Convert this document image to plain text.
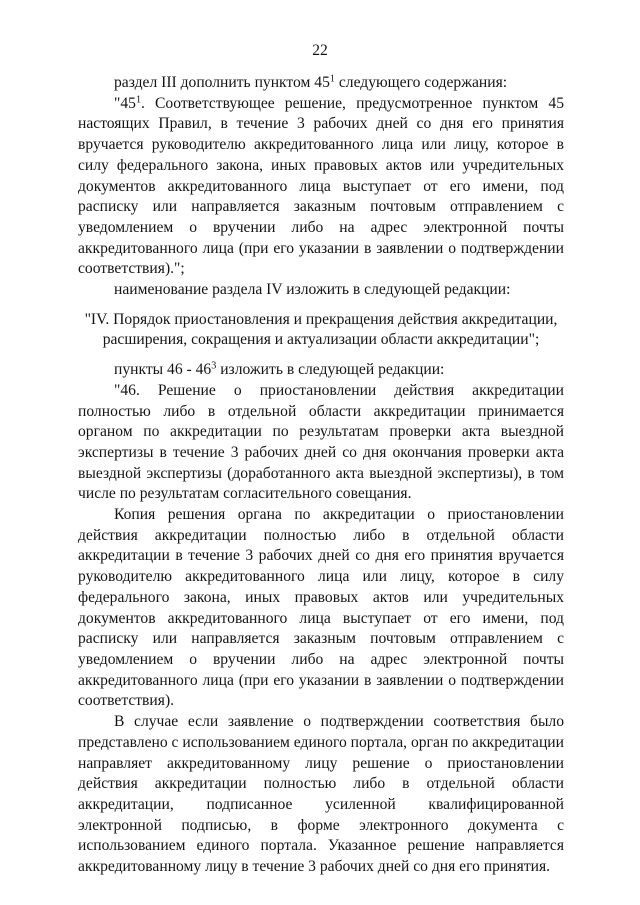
22

раздел III дополнить пунктом $45^1$ следующего содержания:

"$45^1$. Соответствующее решение, предусмотренное пунктом 45 настоящих Правил, в течение 3 рабочих дней со дня его принятия вручается руководителю аккредитованного лица или лицу, которое в силу федерального закона, иных правовых актов или учредительных документов аккредитованного лица выступает от его имени, под расписку или направляется заказным почтовым отправлением с уведомлением о вручении либо на адрес электронной почты аккредитованного лица (при его указании в заявлении о подтверждении соответствия).";

наименование раздела IV изложить в следующей редакции:

"IV. Порядок приостановления и прекращения действия аккредитации,
расширения, сокращения и актуализации области аккредитации";

пункты $46 - 46^3$ изложить в следующей редакции:

"46. Решение о приостановлении действия аккредитации полностью либо в отдельной области аккредитации принимается органом по аккредитации по результатам проверки акта выездной экспертизы в течение 3 рабочих дней со дня окончания проверки акта выездной экспертизы (доработанного акта выездной экспертизы), в том числе по результатам согласительного совещания.

Копия решения органа по аккредитации о приостановлении действия аккредитации полностью либо в отдельной области аккредитации в течение 3 рабочих дней со дня его принятия вручается руководителю аккредитованного лица или лицу, которое в силу федерального закона, иных правовых актов или учредительных документов аккредитованного лица выступает от его имени, под расписку или направляется заказным почтовым отправлением с уведомлением о вручении либо на адрес электронной почты аккредитованного лица (при его указании в заявлении о подтверждении соответствия).

В случае если заявление о подтверждении соответствия было представлено с использованием единого портала, орган по аккредитации направляет аккредитованному лицу решение о приостановлении действия аккредитации полностью либо в отдельной области аккредитации, подписанное усиленной квалифицированной электронной подписью, в форме электронного документа с использованием единого портала. Указанное решение направляется аккредитованному лицу в течение 3 рабочих дней со дня его принятия.
